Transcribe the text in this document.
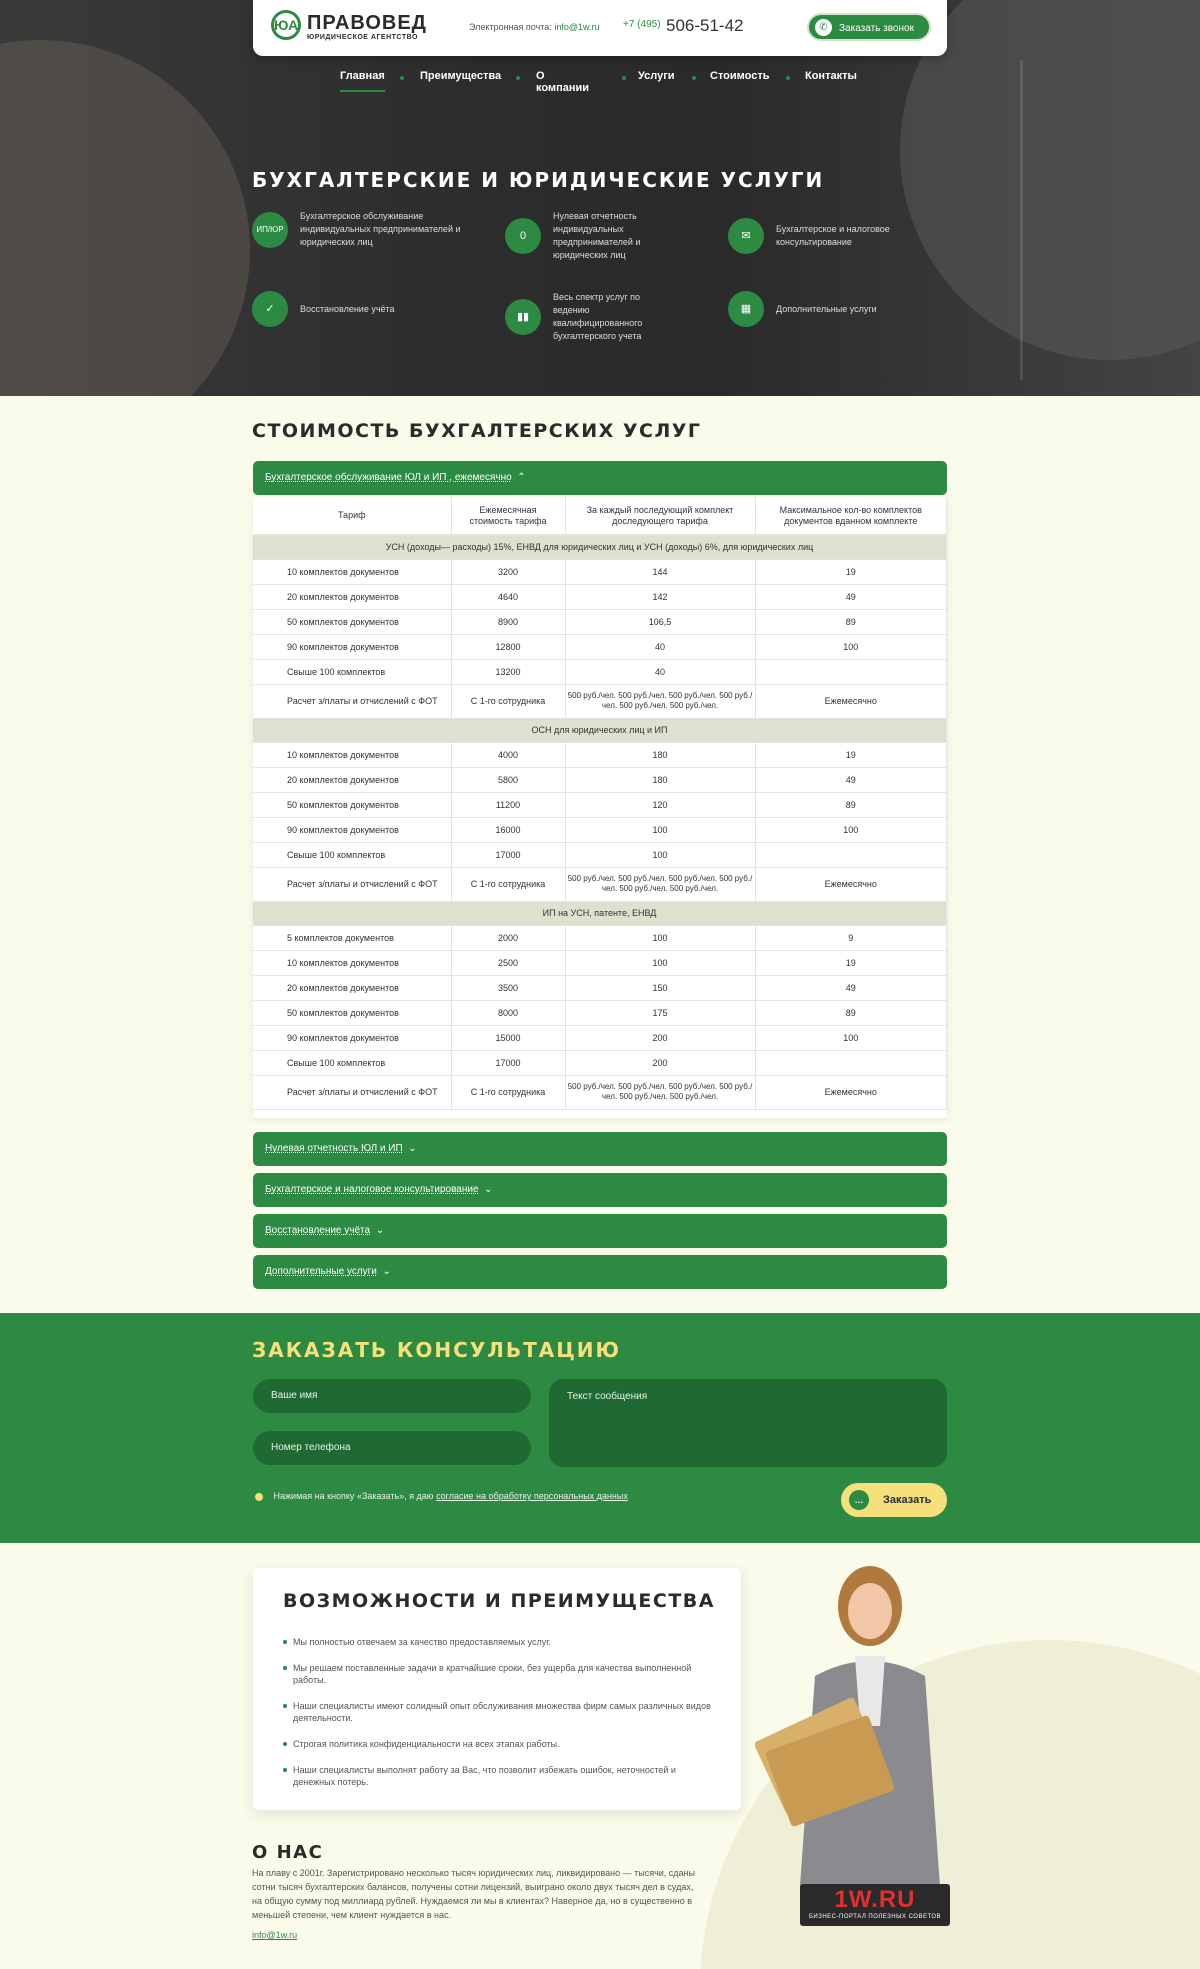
ЮА ПРАВОВЕД
ЮРИДИЧЕСКОЕ АГЕНТСТВО
Электронная почта: info@1w.ru +7 (495) 506-51-42	✆	Заказать звонок
Главная	Преимущества	О компании
Услуги	Стоимость	Контакты
БУХГАЛТЕРСКИЕ И ЮРИДИЧЕСКИЕ УСЛУГИ
ИП/ЮР
Бухгалтерское обслуживание индивидуальных предпринимателей и юридических лиц	0
Нулевая отчетность индивидуальных предпринимателей и юридических лиц
✉
Бухгалтерское и налоговое консультирование
✓	Восстановление учёта
▮▮
Весь спектр услуг по ведению квалифицированного бухгалтерского учета
▦	Дополнительные услуги
СТОИМОСТЬ БУХГАЛТЕРСКИХ УСЛУГ
Бухгалтерское обслуживание ЮЛ и ИП , ежемесячно  ⌃
Тариф	Ежемесячная стоимость тарифа	За каждый последующий комплект доследующего тарифа	Максимальное кол-во комплектов документов вданном комплекте
УСН (доходы— расходы) 15%, ЕНВД для юридических лиц и УСН (доходы) 6%, для юридических лиц			
10 комплектов документов	3200	144	19
20 комплектов документов	4640	142	49
50 комплектов документов	8900	106,5	89
90 комплектов документов	12800	40	100
Свыше 100 комплектов	13200	40	
Расчет з/платы и отчислений с ФОТ	С 1-го сотрудника	500 руб./чел. 500 руб./чел. 500 руб./чел. 500 руб./чел. 500 руб./чел. 500 руб./чел.	Ежемесячно
ОСН для юридических лиц и ИП			
10 комплектов документов	4000	180	19
20 комплектов документов	5800	180	49
50 комплектов документов	11200	120	89
90 комплектов документов	16000	100	100
Свыше 100 комплектов	17000	100	
Расчет з/платы и отчислений с ФОТ	С 1-го сотрудника	500 руб./чел. 500 руб./чел. 500 руб./чел. 500 руб./чел. 500 руб./чел. 500 руб./чел.	Ежемесячно
ИП на УСН, патенте, ЕНВД			
5 комплектов документов	2000	100	9
10 комплектов документов	2500	100	19
20 комплектов документов	3500	150	49
50 комплектов документов	8000	175	89
90 комплектов документов	15000	200	100
Свыше 100 комплектов	17000	200	
Расчет з/платы и отчислений с ФОТ	С 1-го сотрудника	500 руб./чел. 500 руб./чел. 500 руб./чел. 500 руб./чел. 500 руб./чел. 500 руб./чел.	Ежемесячно
Нулевая отчетность ЮЛ и ИП  ⌄
Бухгалтерское и налоговое консультирование  ⌄
Восстановление учёта  ⌄
Дополнительные услуги  ⌄
ЗАКАЗАТЬ КОНСУЛЬТАЦИЮ
Ваше имя
Номер телефона
Текст сообщения
Нажимая на кнопку «Заказать», я даю согласие на обработку персональных данных	…	Заказать
ВОЗМОЖНОСТИ И ПРЕИМУЩЕСТВА
Мы полностью отвечаем за качество предоставляемых услуг.
Мы решаем поставленные задачи в кратчайшие сроки, без ущерба для качества выполненной работы.
Наши специалисты имеют солидный опыт обслуживания множества фирм самых различных видов деятельности.
Строгая политика конфиденциальности на всех этапах работы.
Наши специалисты выполнят работу за Вас, что позволит избежать ошибок, неточностей и денежных потерь.
1W.RU
БИЗНЕС-ПОРТАЛ ПОЛЕЗНЫХ СОВЕТОВ
О НАС

На плаву с 2001г. Зарегистрировано несколько тысяч юридических лиц, ликвидировано — тысячи, сданы сотни тысяч бухгалтерских балансов, получены сотни лицензий, выиграно около двух тысяч дел в судах, на общую сумму под миллиард рублей. Нуждаемся ли мы в клиентах? Наверное да, но в существенно в меньшей степени, чем клиент нуждается в нас.

info@1w.ru
